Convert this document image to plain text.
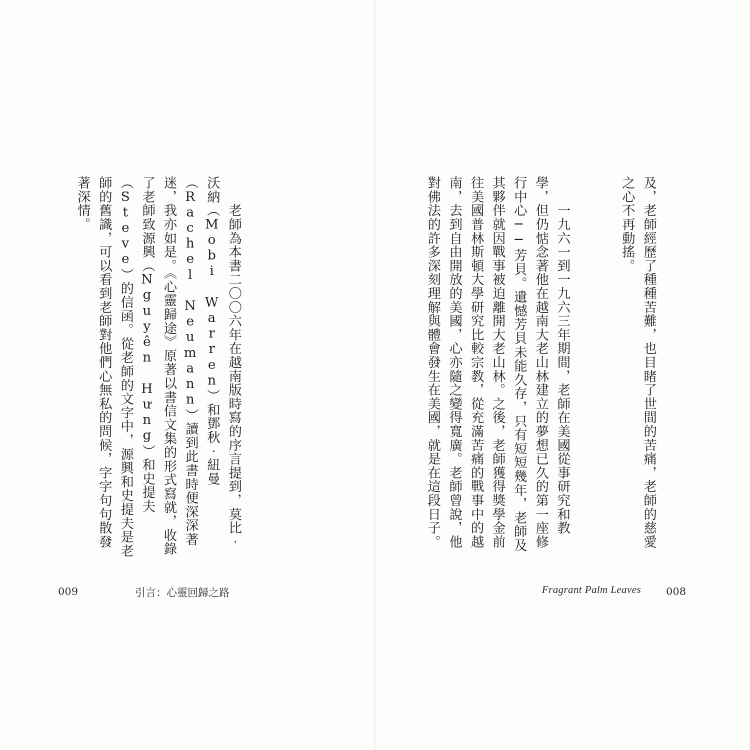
　　老師為本書二〇〇六年在越南版時寫的序言提到，莫比‧沃納（Mobi Warren）和鄧秋‧紐曼（Rachel Neumann）讀到此書時便深深著迷，我亦如是。《心靈歸途》原著以書信文集的形式寫就，收錄了老師致源興（Nguyên Hưng）和史提夫（Steve）的信函。從老師的文字中，源興和史提夫是老師的舊識，可以看到老師對他們心無私的問候，字字句句散發著深情。

009	引言：心靈回歸之路

及，老師經歷了種種苦難，也目睹了世間的苦痛，老師的慈愛之心不再動搖。

　　一九六一到一九六三年期間，老師在美國從事研究和教學，但仍惦念著他在越南大老山林建立的夢想已久的第一座修行中心──芳貝。遺憾芳貝未能久存，只有短短幾年，老師及其夥伴就因戰事被迫離開大老山林。之後，老師獲得獎學金前往美國普林斯頓大學研究比較宗教，從充滿苦痛的戰事中的越南，去到自由開放的美國，心亦隨之變得寬廣。老師曾說，他對佛法的許多深刻理解與體會發生在美國，就是在這段日子。

Fragrant Palm Leaves 008
